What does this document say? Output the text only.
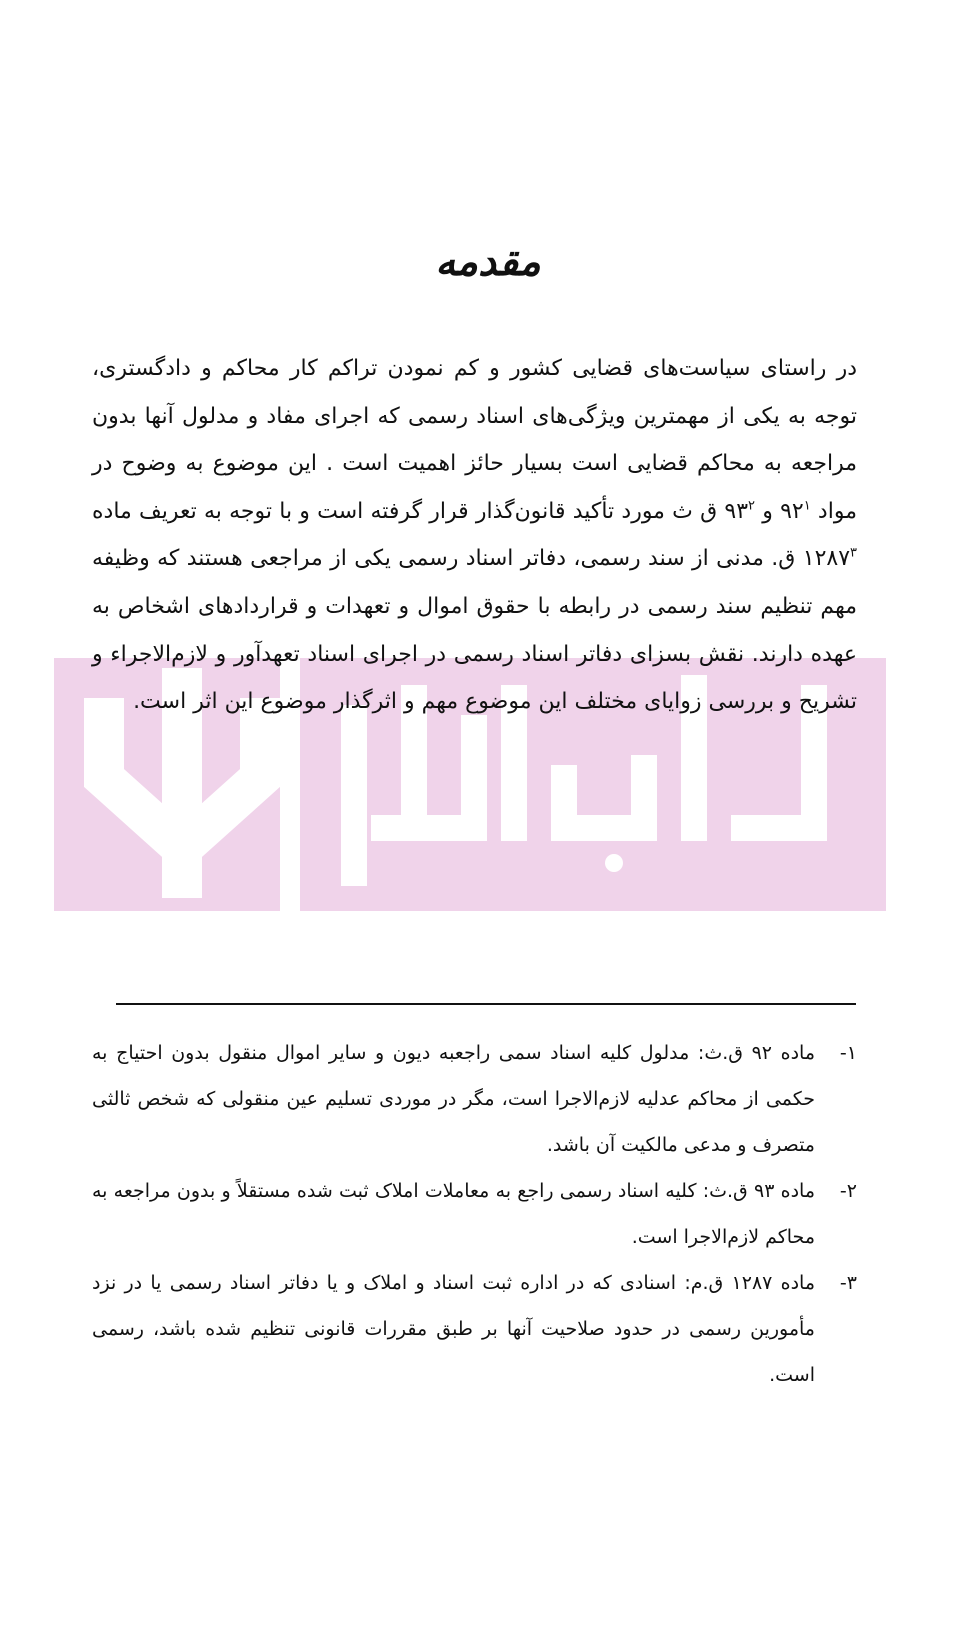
مقدمه

در راستای سیاست‌های قضایی کشور و کم نمودن تراکم کار محاکم و دادگستری، توجه به یکی از مهمترین ویژگی‌های اسناد رسمی که اجرای مفاد و مدلول آنها بدون مراجعه به محاکم قضایی است بسیار حائز اهمیت است . این موضوع به وضوح در مواد $۹۲^۱$ و $۹۳^۲$ ق ث مورد تأکید قانون‌گذار قرار گرفته است و با توجه به تعریف ماده ۱۲۸۷$^۳$ ق. مدنی از سند رسمی، دفاتر اسناد رسمی یکی از مراجعی هستند که وظیفه مهم تنظیم سند رسمی در رابطه با حقوق اموال و تعهدات و قراردادهای اشخاص به عهده دارند. نقش بسزای دفاتر اسناد رسمی در اجرای اسناد تعهدآور و لازم‌الاجراء و تشریح و بررسی زوایای مختلف این موضوع مهم و اثرگذار موضوع این اثر است.

۱-

ماده ۹۲ ق.ث: مدلول کلیه اسناد سمی راجعبه دیون و سایر اموال منقول بدون احتیاج به حکمی از محاکم عدلیه لازم‌الاجرا است، مگر در موردی تسلیم عین منقولی که شخص ثالثی متصرف و مدعی مالکیت آن باشد.

۲-

ماده ۹۳ ق.ث: کلیه اسناد رسمی راجع به معاملات املاک ثبت شده مستقلاً و بدون مراجعه به محاکم لازم‌الاجرا است.

۳-

ماده ۱۲۸۷ ق.م: اسنادی که در اداره ثبت اسناد و املاک و یا دفاتر اسناد رسمی یا در نزد مأمورین رسمی در حدود صلاحیت آنها بر طبق مقررات قانونی تنظیم شده باشد، رسمی است.
